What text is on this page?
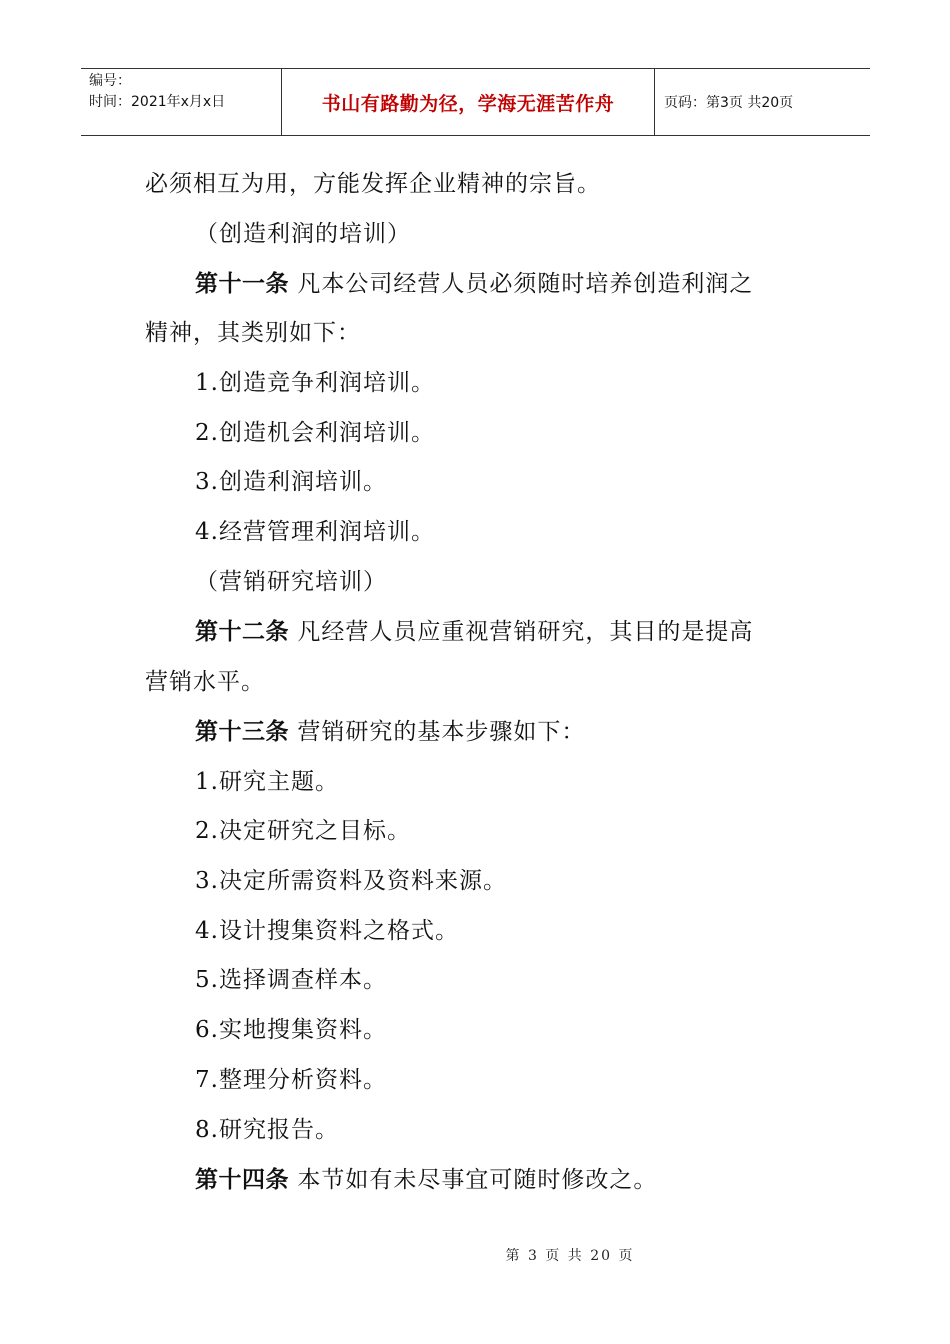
编号：
时间：2021年x月x日	书山有路勤为径，学海无涯苦作舟	页码：第3页 共20页
必须相互为用，方能发挥企业精神的宗旨。
（创造利润的培训）
第十一条 凡本公司经营人员必须随时培养创造利润之
精神，其类别如下：
1.创造竞争利润培训。
2.创造机会利润培训。
3.创造利润培训。
4.经营管理利润培训。
（营销研究培训）
第十二条 凡经营人员应重视营销研究，其目的是提高
营销水平。
第十三条 营销研究的基本步骤如下：
1.研究主题。
2.决定研究之目标。
3.决定所需资料及资料来源。
4.设计搜集资料之格式。
5.选择调查样本。
6.实地搜集资料。
7.整理分析资料。
8.研究报告。
第十四条 本节如有未尽事宜可随时修改之。
第 3 页 共 20 页
